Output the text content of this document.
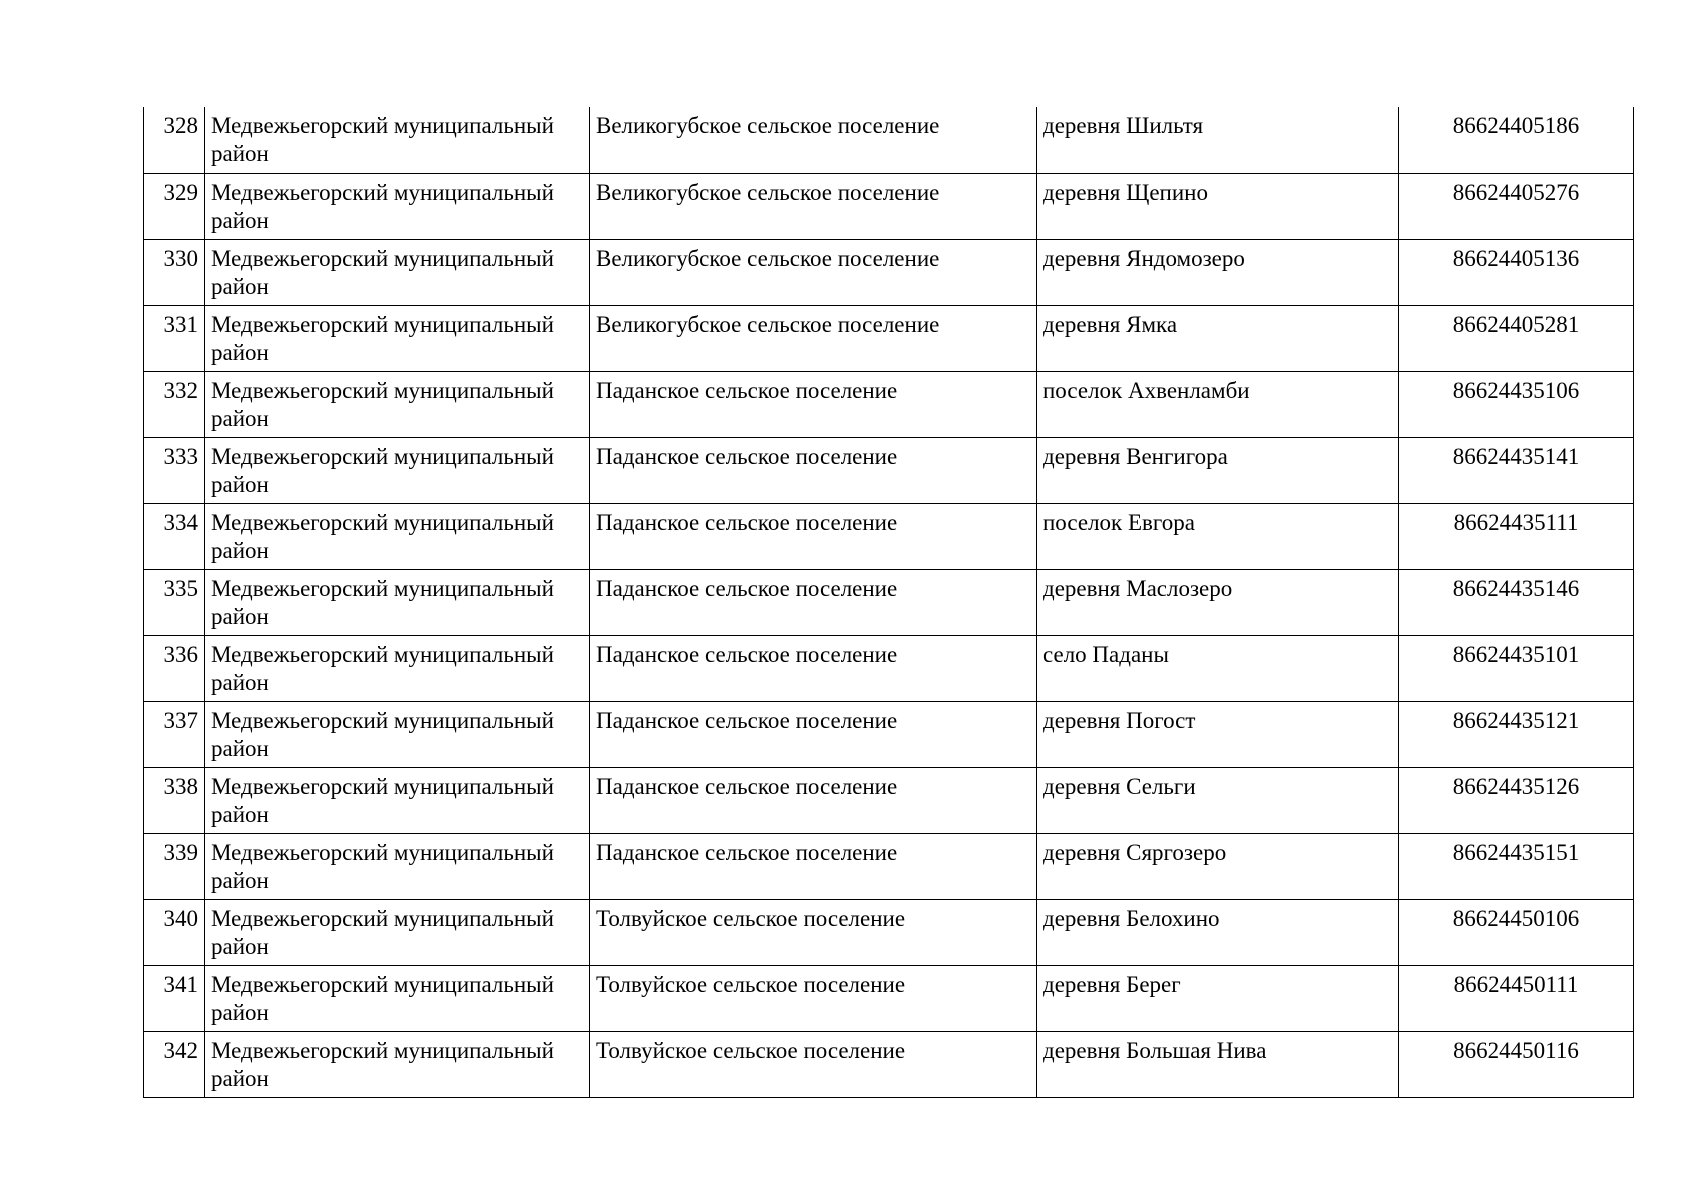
328	Медвежьегорский муниципальный район	Великогубское сельское поселение	деревня Шильтя	86624405186
329	Медвежьегорский муниципальный район	Великогубское сельское поселение	деревня Щепино	86624405276
330	Медвежьегорский муниципальный район	Великогубское сельское поселение	деревня Яндомозеро	86624405136
331	Медвежьегорский муниципальный район	Великогубское сельское поселение	деревня Ямка	86624405281
332	Медвежьегорский муниципальный район	Паданское сельское поселение	поселок Ахвенламби	86624435106
333	Медвежьегорский муниципальный район	Паданское сельское поселение	деревня Венгигора	86624435141
334	Медвежьегорский муниципальный район	Паданское сельское поселение	поселок Евгора	86624435111
335	Медвежьегорский муниципальный район	Паданское сельское поселение	деревня Маслозеро	86624435146
336	Медвежьегорский муниципальный район	Паданское сельское поселение	село Паданы	86624435101
337	Медвежьегорский муниципальный район	Паданское сельское поселение	деревня Погост	86624435121
338	Медвежьегорский муниципальный район	Паданское сельское поселение	деревня Сельги	86624435126
339	Медвежьегорский муниципальный район	Паданское сельское поселение	деревня Сяргозеро	86624435151
340	Медвежьегорский муниципальный район	Толвуйское сельское поселение	деревня Белохино	86624450106
341	Медвежьегорский муниципальный район	Толвуйское сельское поселение	деревня Берег	86624450111
342	Медвежьегорский муниципальный район	Толвуйское сельское поселение	деревня Большая Нива	86624450116
